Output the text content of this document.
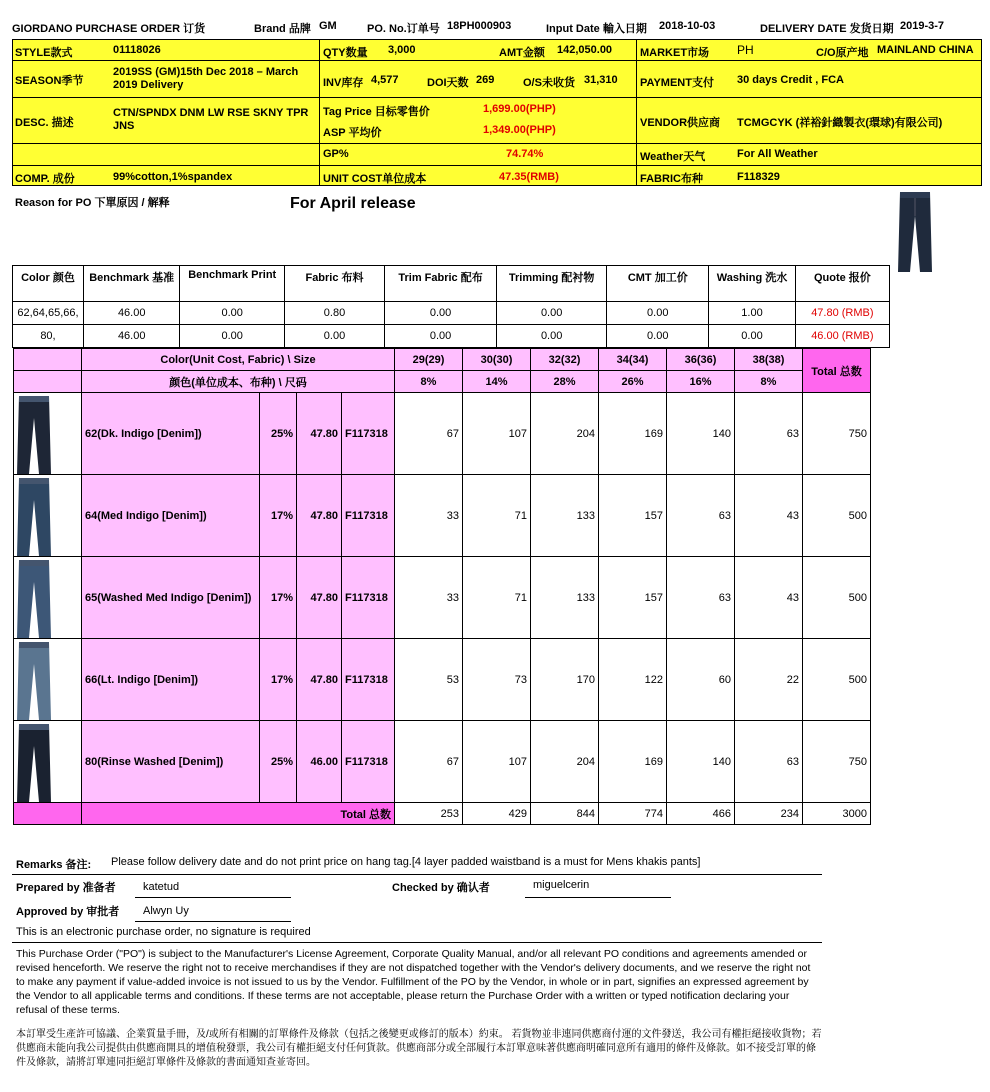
GIORDANO PURCHASE ORDER 订货	Brand 品牌 GM	PO. No.订单号 18PH000903	Input Date 輸入日期 2018-10-03	DELIVERY DATE 发货日期 2019-3-7
STYLE款式	01118026
SEASON季节
2019SS (GM)15th Dec 2018 – March 2019 Delivery
DESC. 描述
CTN/SPNDX DNM LW RSE SKNY TPR JNS
COMP. 成份	99%cotton,1%spandex
QTY数量 3,000	AMT金额 142,050.00
INV库存 4,577	DOI天数 269	O/S未收货 31,310
Tag Price 目标零售价	1,699.00(PHP)
ASP 平均价	1,349.00(PHP)
GP%	74.74%
UNIT COST单位成本	47.35(RMB)
MARKET市场 PH	C/O原产地 MAINLAND CHINA
PAYMENT支付 30 days Credit , FCA
VENDOR供应商 TCMGCYK (祥裕針織製衣(環球)有限公司)
Weather天气	For All Weather
FABRIC布种	F118329
Reason for PO 下單原因 / 解释	For April release
Color 颜色	Benchmark 基准	Benchmark Print	Fabric 布料	Trim Fabric 配布	Trimming 配衬物	CMT 加工价	Washing 洗水	Quote 报价
62,64,65,66,	46.00	0.00	0.80	0.00	0.00	0.00	1.00	47.80 (RMB)
80,	46.00	0.00	0.00	0.00	0.00	0.00	0.00	46.00 (RMB)
	Color(Unit Cost, Fabric) \ Size				29(29)	30(30)	32(32)	34(34)	36(36)	38(38)	Total 总数
	颜色(单位成本、布种) \ 尺码				8%	14%	28%	26%	16%	8%	

	62(Dk. Indigo [Denim])	25%	47.80	F117318	67	107	204	169	140	63	750

	64(Med Indigo [Denim])	17%	47.80	F117318	33	71	133	157	63	43	500

	65(Washed Med Indigo [Denim])	17%	47.80	F117318	33	71	133	157	63	43	500

	66(Lt. Indigo [Denim])	17%	47.80	F117318	53	73	170	122	60	22	500

	80(Rinse Washed [Denim])	25%	46.00	F117318	67	107	204	169	140	63	750
	Total 总数				253	429	844	774	466	234	3000
Remarks 备注: Please follow delivery date and do not print price on hang tag.[4 layer padded waistband is a must for Mens khakis pants]
Prepared by 准备者 katetud	Checked by 确认者	miguelcerin
Approved by 审批者 Alwyn Uy
This is an electronic purchase order, no signature is required
This Purchase Order ("PO") is subject to the Manufacturer's License Agreement, Corporate Quality Manual, and/or all relevant PO conditions and agreements amended or revised henceforth. We reserve the right not to receive merchandises if they are not dispatched together with the Vendor's delivery documents, and we reserve the right not to make any payment if value-added invoice is not issued to us by the Vendor. Fulfillment of the PO by the Vendor, in whole or in part, signifies an expressed agreement by the Vendor to all applicable terms and conditions. If these terms are not acceptable, please return the Purchase Order with a written or typed notification declaring your refusal of these terms.
本訂單受生產許可協議、企業質量手冊，及/或所有相關的訂單條件及條款（包括之後變更或修訂的版本）約束。 若貨物並非連同供應商付運的文件發送，我公司有權拒絕接收貨物；若供應商未能向我公司提供由供應商開具的增值稅發票，我公司有權拒絕支付任何貨款。供應商部分或全部履行本訂單意味著供應商明確同意所有適用的條件及條款。如不接受訂單的條件及條款，請將訂單連同拒絕訂單條件及條款的書面通知查並寄回。
